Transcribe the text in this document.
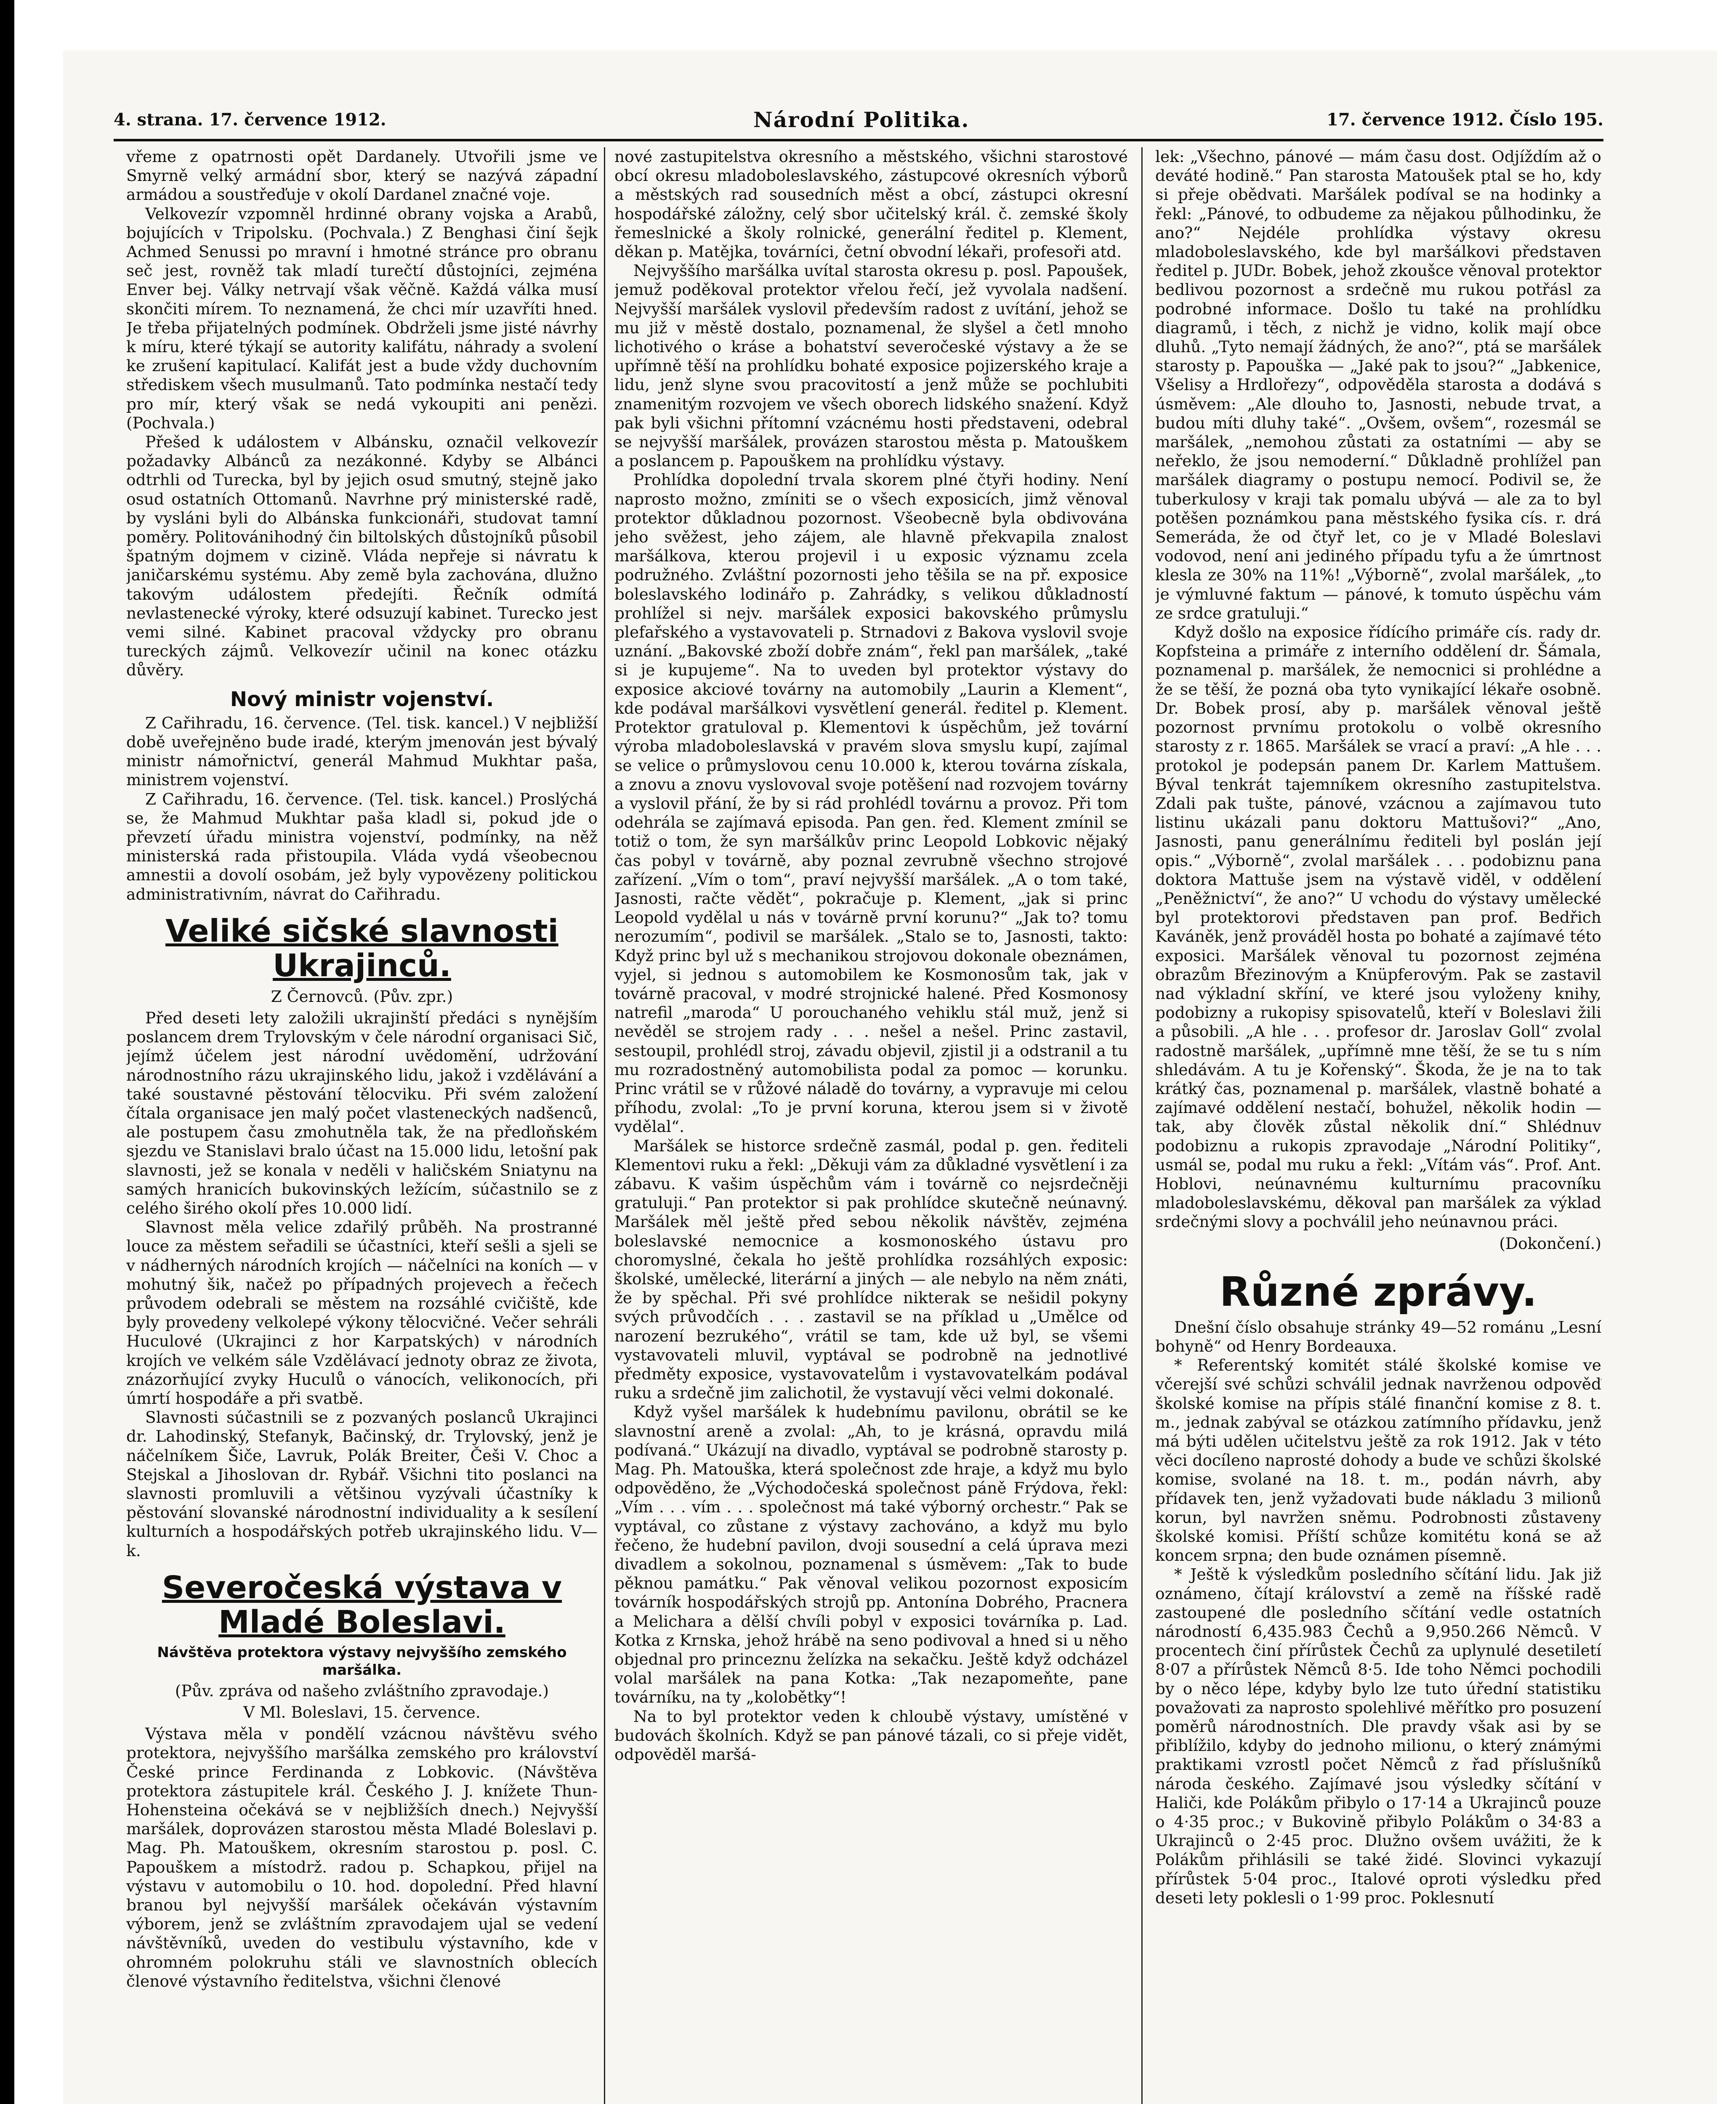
4. strana. 17. července 1912.	Národní Politika.	17. července 1912. Číslo 195.

vřeme z opatrnosti opět Dardanely. Utvořili jsme ve Smyrně velký armádní sbor, který se nazývá západní armádou a soustřeďuje v okolí Dardanel značné voje.

Velkovezír vzpomněl hrdinné obrany vojska a Arabů, bojujících v Tripolsku. (Pochvala.) Z Benghasi činí šejk Achmed Senussi po mravní i hmotné stránce pro obranu seč jest, rovněž tak mladí turečtí důstojníci, zejména Enver bej. Války netrvají však věčně. Každá válka musí skončiti mírem. To neznamená, že chci mír uzavříti hned. Je třeba přijatelných podmínek. Obdrželi jsme jisté návrhy k míru, které týkají se autority kalifátu, náhrady a svolení ke zrušení kapitulací. Kalifát jest a bude vždy duchovním střediskem všech musulmanů. Tato podmínka nestačí tedy pro mír, který však se nedá vykoupiti ani penězi. (Pochvala.)

Přešed k událostem v Albánsku, označil velkovezír požadavky Albánců za nezákonné. Kdyby se Albánci odtrhli od Turecka, byl by jejich osud smutný, stejně jako osud ostatních Ottomanů. Navrhne prý ministerské radě, by vysláni byli do Albánska funkcionáři, studovat tamní poměry. Politovánihodný čin biltolských důstojníků působil špatným dojmem v cizině. Vláda nepřeje si návratu k janičarskému systému. Aby země byla zachována, dlužno takovým událostem předejíti. Řečník odmítá nevlastenecké výroky, které odsuzují kabinet. Turecko jest vemi silné. Kabinet pracoval vždycky pro obranu tureckých zájmů. Velkovezír učinil na konec otázku důvěry.

Nový ministr vojenství.

Z Cařihradu, 16. července. (Tel. tisk. kancel.) V nejbližší době uveřejněno bude iradé, kterým jmenován jest bývalý ministr námořnictví, generál Mahmud Mukhtar paša, ministrem vojenství.

Z Cařihradu, 16. července. (Tel. tisk. kancel.) Proslýchá se, že Mahmud Mukhtar paša kladl si, pokud jde o převzetí úřadu ministra vojenství, podmínky, na něž ministerská rada přistoupila. Vláda vydá všeobecnou amnestii a dovolí osobám, jež byly vypovězeny politickou administrativním, návrat do Cařihradu.

Veliké sičské slavnosti Ukrajinců.
Z Černovců. (Pův. zpr.)

Před deseti lety založili ukrajinští předáci s nynějším poslancem drem Trylovským v čele národní organisaci Sič, jejímž účelem jest národní uvědomění, udržování národnostního rázu ukrajinského lidu, jakož i vzdělávání a také soustavné pěstování tělocviku. Při svém založení čítala organisace jen malý počet vlasteneckých nadšenců, ale postupem času zmohutněla tak, že na předloňském sjezdu ve Stanislavi bralo účast na 15.000 lidu, letošní pak slavnosti, jež se konala v neděli v haličském Sniatynu na samých hranicích bukovinských ležícím, súčastnilo se z celého širého okolí přes 10.000 lidí.

Slavnost měla velice zdařilý průběh. Na prostranné louce za městem seřadili se účastníci, kteří sešli a sjeli se v nádherných národních krojích — náčelníci na koních — v mohutný šik, načež po případných projevech a řečech průvodem odebrali se městem na rozsáhlé cvičiště, kde byly provedeny velkolepé výkony tělocvičné. Večer sehráli Huculové (Ukrajinci z hor Karpatských) v národních krojích ve velkém sále Vzdělávací jednoty obraz ze života, znázorňující zvyky Huculů o vánocích, velikonocích, při úmrtí hospodáře a při svatbě.

Slavnosti súčastnili se z pozvaných poslanců Ukrajinci dr. Lahodinský, Stefanyk, Bačinský, dr. Trylovský, jenž je náčelníkem Šiče, Lavruk, Polák Breiter, Češi V. Choc a Stejskal a Jihoslovan dr. Rybář. Všichni tito poslanci na slavnosti promluvili a většinou vyzývali účastníky k pěstování slovanské národnostní individuality a k sesílení kulturních a hospodářských potřeb ukrajinského lidu. V—k.

Severočeská výstava v Mladé Boleslavi.
Návštěva protektora výstavy nejvyššího zemského maršálka.
(Pův. zpráva od našeho zvláštního zpravodaje.)
V Ml. Boleslavi, 15. července.

Výstava měla v pondělí vzácnou návštěvu svého protektora, nejvyššího maršálka zemského pro království České prince Ferdinanda z Lobkovic. (Návštěva protektora zástupitele král. Českého J. J. knížete Thun-Hohensteina očekává se v nejbližších dnech.) Nejvyšší maršálek, doprovázen starostou města Mladé Boleslavi p. Mag. Ph. Matouškem, okresním starostou p. posl. C. Papouškem a místodrž. radou p. Schapkou, přijel na výstavu v automobilu o 10. hod. dopolední. Před hlavní branou byl nejvyšší maršálek očekáván výstavním výborem, jenž se zvláštním zpravodajem ujal se vedení návštěvníků, uveden do vestibulu výstavního, kde v ohromném polokruhu stáli ve slavnostních oblecích členové výstavního ředitelstva, všichni členové

nové zastupitelstva okresního a městského, všichni starostové obcí okresu mladoboleslavského, zástupcové okresních výborů a městských rad sousedních měst a obcí, zástupci okresní hospodářské záložny, celý sbor učitelský král. č. zemské školy řemeslnické a školy rolnické, generální ředitel p. Klement, děkan p. Matějka, továrníci, četní obvodní lékaři, profesoři atd.

Nejvyššího maršálka uvítal starosta okresu p. posl. Papoušek, jemuž poděkoval protektor vřelou řečí, jež vyvolala nadšení. Nejvyšší maršálek vyslovil především radost z uvítání, jehož se mu již v městě dostalo, poznamenal, že slyšel a četl mnoho lichotivého o kráse a bohatství severočeské výstavy a že se upřímně těší na prohlídku bohaté exposice pojizerského kraje a lidu, jenž slyne svou pracovitostí a jenž může se pochlubiti znamenitým rozvojem ve všech oborech lidského snažení. Když pak byli všichni přítomní vzácnému hosti představeni, odebral se nejvyšší maršálek, provázen starostou města p. Matouškem a poslancem p. Papouškem na prohlídku výstavy.

Prohlídka dopolední trvala skorem plné čtyři hodiny. Není naprosto možno, zmíniti se o všech exposicích, jimž věnoval protektor důkladnou pozornost. Všeobecně byla obdivována jeho svěžest, jeho zájem, ale hlavně překvapila znalost maršálkova, kterou projevil i u exposic významu zcela podružného. Zvláštní pozornosti jeho těšila se na př. exposice boleslavského lodinářo p. Zahrádky, s velikou důkladností prohlížel si nejv. maršálek exposici bakovského průmyslu plefařského a vystavovateli p. Strnadovi z Bakova vyslovil svoje uznání. „Bakovské zboží dobře znám“, řekl pan maršálek, „také si je kupujeme“. Na to uveden byl protektor výstavy do exposice akciové továrny na automobily „Laurin a Klement“, kde podával maršálkovi vysvětlení generál. ředitel p. Klement. Protektor gratuloval p. Klementovi k úspěchům, jež tovární výroba mladoboleslavská v pravém slova smyslu kupí, zajímal se velice o průmyslovou cenu 10.000 k, kterou továrna získala, a znovu a znovu vyslovoval svoje potěšení nad rozvojem továrny a vyslovil přání, že by si rád prohlédl továrnu a provoz. Při tom odehrála se zajímavá episoda. Pan gen. řed. Klement zmínil se totiž o tom, že syn maršálkův princ Leopold Lobkovic nějaký čas pobyl v továrně, aby poznal zevrubně všechno strojové zařízení. „Vím o tom“, praví nejvyšší maršálek. „A o tom také, Jasnosti, račte vědět“, pokračuje p. Klement, „jak si princ Leopold vydělal u nás v továrně první korunu?“ „Jak to? tomu nerozumím“, podivil se maršálek. „Stalo se to, Jasnosti, takto: Když princ byl už s mechanikou strojovou dokonale obeznámen, vyjel, si jednou s automobilem ke Kosmonosům tak, jak v továrně pracoval, v modré strojnické halené. Před Kosmonosy natrefil „maroda“ U porouchaného vehiklu stál muž, jenž si nevěděl se strojem rady . . . nešel a nešel. Princ zastavil, sestoupil, prohlédl stroj, závadu objevil, zjistil ji a odstranil a tu mu rozradostněný automobilista podal za pomoc — korunku. Princ vrátil se v růžové náladě do továrny, a vypravuje mi celou příhodu, zvolal: „To je první koruna, kterou jsem si v životě vydělal“.

Maršálek se historce srdečně zasmál, podal p. gen. řediteli Klementovi ruku a řekl: „Děkuji vám za důkladné vysvětlení i za zábavu. K vašim úspěchům vám i továrně co nejsrdečněji gratuluji.“ Pan protektor si pak prohlídce skutečně neúnavný. Maršálek měl ještě před sebou několik návštěv, zejména boleslavské nemocnice a kosmonoského ústavu pro choromyslné, čekala ho ještě prohlídka rozsáhlých exposic: školské, umělecké, literární a jiných — ale nebylo na něm znáti, že by spěchal. Při své prohlídce nikterak se nešidil pokyny svých průvodčích . . . zastavil se na příklad u „Umělce od narození bezrukého“, vrátil se tam, kde už byl, se všemi vystavovateli mluvil, vyptával se podrobně na jednotlivé předměty exposice, vystavovatelům i vystavovatelkám podával ruku a srdečně jim zalichotil, že vystavují věci velmi dokonalé.

Když vyšel maršálek k hudebnímu pavilonu, obrátil se ke slavnostní areně a zvolal: „Ah, to je krásná, opravdu milá podívaná.“ Ukázují na divadlo, vyptával se podrobně starosty p. Mag. Ph. Matouška, která společnost zde hraje, a když mu bylo odpověděno, že „Východočeská společnost páně Frýdova, řekl: „Vím . . . vím . . . společnost má také výborný orchestr.“ Pak se vyptával, co zůstane z výstavy zachováno, a když mu bylo řečeno, že hudební pavilon, dvoji sousední a celá úprava mezi divadlem a sokolnou, poznamenal s úsměvem: „Tak to bude pěknou památku.“ Pak věnoval velikou pozornost exposicím továrník hospodářských strojů pp. Antonína Dobrého, Pracnera a Melichara a dělší chvíli pobyl v exposici továrníka p. Lad. Kotka z Krnska, jehož hrábě na seno podivoval a hned si u něho objednal pro princeznu želízka na sekačku. Ještě když odcházel volal maršálek na pana Kotka: „Tak nezapomeňte, pane továrníku, na ty „kolobětky“!

Na to byl protektor veden k chloubě výstavy, umístěné v budovách školních. Když se pan pánové tázali, co si přeje vidět, odpověděl maršá-

lek: „Všechno, pánové — mám času dost. Odjíždím až o deváté hodině.“ Pan starosta Matoušek ptal se ho, kdy si přeje obědvati. Maršálek podíval se na hodinky a řekl: „Pánové, to odbudeme za nějakou půlhodinku, že ano?“ Nejdéle prohlídka výstavy okresu mladoboleslavského, kde byl maršálkovi představen ředitel p. JUDr. Bobek, jehož zkoušce věnoval protektor bedlivou pozornost a srdečně mu rukou potřásl za podrobné informace. Došlo tu také na prohlídku diagramů, i těch, z nichž je vidno, kolik mají obce dluhů. „Tyto nemají žádných, že ano?“, ptá se maršálek starosty p. Papouška — „Jaké pak to jsou?“ „Jabkenice, Všelisy a Hrdlořezy“, odpověděla starosta a dodává s úsměvem: „Ale dlouho to, Jasnosti, nebude trvat, a budou míti dluhy také“. „Ovšem, ovšem“, rozesmál se maršálek, „nemohou zůstati za ostatními — aby se neřeklo, že jsou nemoderní.“ Důkladně prohlížel pan maršálek diagramy o postupu nemocí. Podivil se, že tuberkulosy v kraji tak pomalu ubývá — ale za to byl potěšen poznámkou pana městského fysika cís. r. drá Semeráda, že od čtyř let, co je v Mladé Boleslavi vodovod, není ani jediného případu tyfu a že úmrtnost klesla ze 30% na 11%! „Výborně“, zvolal maršálek, „to je výmluvné faktum — pánové, k tomuto úspěchu vám ze srdce gratuluji.“

Když došlo na exposice řídícího primáře cís. rady dr. Kopfsteina a primáře z interního oddělení dr. Šámala, poznamenal p. maršálek, že nemocnici si prohlédne a že se těší, že pozná oba tyto vynikající lékaře osobně. Dr. Bobek prosí, aby p. maršálek věnoval ještě pozornost prvnímu protokolu o volbě okresního starosty z r. 1865. Maršálek se vrací a praví: „A hle . . . protokol je podepsán panem Dr. Karlem Mattušem. Býval tenkrát tajemníkem okresního zastupitelstva. Zdali pak tušte, pánové, vzácnou a zajímavou tuto listinu ukázali panu doktoru Mattušovi?“ „Ano, Jasnosti, panu generálnímu řediteli byl poslán její opis.“ „Výborně“, zvolal maršálek . . . podobiznu pana doktora Mattuše jsem na výstavě viděl, v oddělení „Peněžnictví“, že ano?“ U vchodu do výstavy umělecké byl protektorovi představen pan prof. Bedřich Kaváněk, jenž prováděl hosta po bohaté a zajímavé této exposici. Maršálek věnoval tu pozornost zejména obrazům Březinovým a Knüpferovým. Pak se zastavil nad výkladní skříní, ve které jsou vyloženy knihy, podobizny a rukopisy spisovatelů, kteří v Boleslavi žili a působili. „A hle . . . profesor dr. Jaroslav Goll“ zvolal radostně maršálek, „upřímně mne těší, že se tu s ním shledávám. A tu je Kořenský“. Škoda, že je na to tak krátký čas, poznamenal p. maršálek, vlastně bohaté a zajímavé oddělení nestačí, bohužel, několik hodin — tak, aby člověk zůstal několik dní.“ Shlédnuv podobiznu a rukopis zpravodaje „Národní Politiky“, usmál se, podal mu ruku a řekl: „Vítám vás“. Prof. Ant. Hoblovi, neúnavnému kulturnímu pracovníku mladoboleslavskému, děkoval pan maršálek za výklad srdečnými slovy a pochválil jeho neúnavnou práci.

(Dokončení.)
Různé zprávy.

Dnešní číslo obsahuje stránky 49—52 románu „Lesní bohyně“ od Henry Bordeauxa.

* Referentský komitét stálé školské komise ve včerejší své schůzi schválil jednak navrženou odpověď školské komise na přípis stálé finanční komise z 8. t. m., jednak zabýval se otázkou zatímního přídavku, jenž má býti udělen učitelstvu ještě za rok 1912. Jak v této věci docíleno naprosté dohody a bude ve schůzi školské komise, svolané na 18. t. m., podán návrh, aby přídavek ten, jenž vyžadovati bude nákladu 3 milionů korun, byl navržen sněmu. Podrobnosti zůstaveny školské komisi. Příští schůze komitétu koná se až koncem srpna; den bude oznámen písemně.

* Ještě k výsledkům posledního sčítání lidu. Jak již oznámeno, čítají království a země na říšské radě zastoupené dle posledního sčítání vedle ostatních národností 6,435.983 Čechů a 9,950.266 Němců. V procentech činí přírůstek Čechů za uplynulé desetiletí 8·07 a přírůstek Němců 8·5. Ide toho Němci pochodili by o něco lépe, kdyby bylo lze tuto úřední statistiku považovati za naprosto spolehlivé měřítko pro posuzení poměrů národnostních. Dle pravdy však asi by se přiblížilo, kdyby do jednoho milionu, o který známými praktikami vzrostl počet Němců z řad příslušníků národa českého. Zajímavé jsou výsledky sčítání v Haliči, kde Polákům přibylo o 17·14 a Ukrajinců pouze o 4·35 proc.; v Bukovině přibylo Polákům o 34·83 a Ukrajinců o 2·45 proc. Dlužno ovšem uvážiti, že k Polákům přihlásili se také židé. Slovinci vykazují přírůstek 5·04 proc., Italové oproti výsledku před deseti lety poklesli o 1·99 proc. Poklesnutí
